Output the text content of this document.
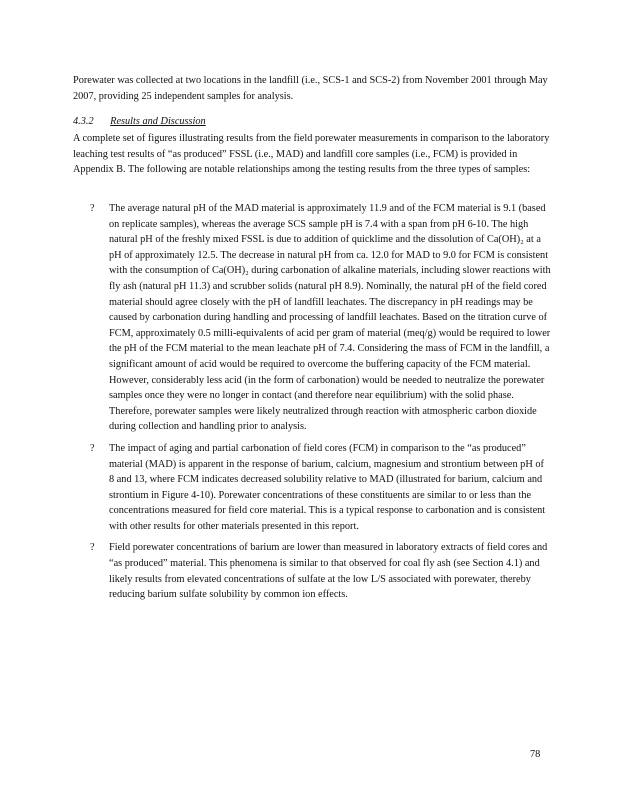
Porewater was collected at two locations in the landfill (i.e., SCS‐1 and SCS‐2) from November 2001 through May 2007, providing 25 independent samples for analysis.

4.3.2 Results and Discussion

A complete set of figures illustrating results from the field porewater measurements in comparison to the laboratory leaching test results of “as produced” FSSL (i.e., MAD) and landfill core samples (i.e., FCM) is provided in Appendix B. The following are notable relationships among the testing results from the three types of samples:

? The average natural pH of the MAD material is approximately 11.9 and of the FCM material is 9.1 (based on replicate samples), whereas the average SCS sample pH is 7.4 with a span from pH 6‐10. The high natural pH of the freshly mixed FSSL is due to addition of quicklime and the dissolution of Ca(OH)₂ at a pH of approximately 12.5. The decrease in natural pH from ca. 12.0 for MAD to 9.0 for FCM is consistent with the consumption of Ca(OH)₂ during carbonation of alkaline materials, including slower reactions with fly ash (natural pH 11.3) and scrubber solids (natural pH 8.9). Nominally, the natural pH of the field cored material should agree closely with the pH of landfill leachates. The discrepancy in pH readings may be caused by carbonation during handling and processing of landfill leachates. Based on the titration curve of FCM, approximately 0.5 milli‐equivalents of acid per gram of material (meq/g) would be required to lower the pH of the FCM material to the mean leachate pH of 7.4. Considering the mass of FCM in the landfill, a significant amount of acid would be required to overcome the buffering capacity of the FCM material. However, considerably less acid (in the form of carbonation) would be needed to neutralize the porewater samples once they were no longer in contact (and therefore near equilibrium) with the solid phase. Therefore, porewater samples were likely neutralized through reaction with atmospheric carbon dioxide during collection and handling prior to analysis.
? The impact of aging and partial carbonation of field cores (FCM) in comparison to the “as produced” material (MAD) is apparent in the response of barium, calcium, magnesium and strontium between pH of 8 and 13, where FCM indicates decreased solubility relative to MAD (illustrated for barium, calcium and strontium in Figure 4‐10). Porewater concentrations of these constituents are similar to or less than the concentrations measured for field core material. This is a typical response to carbonation and is consistent with other results for other materials presented in this report.
? Field porewater concentrations of barium are lower than measured in laboratory extracts of field cores and “as produced” material. This phenomena is similar to that observed for coal fly ash (see Section 4.1) and likely results from elevated concentrations of sulfate at the low L/S associated with porewater, thereby reducing barium sulfate solubility by common ion effects.
78
